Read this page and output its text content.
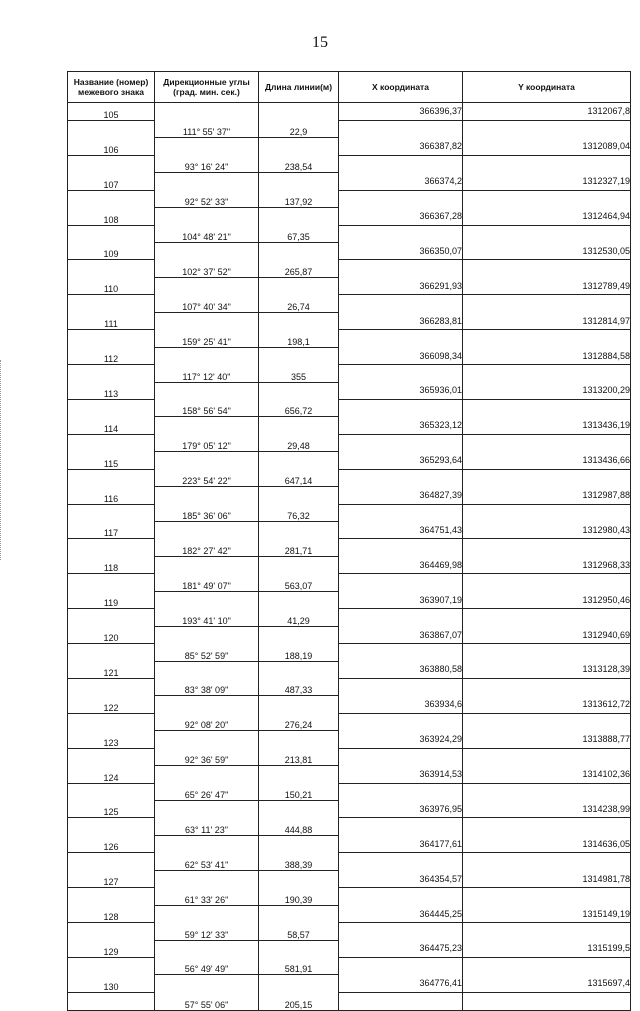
15
Название (номер) межевого знака	Дирекционные углы (град. мин. сек.)	Длина линии(м)	X координата	Y координата
105			366396,37	1312067,8
	111° 55' 37"	22,9		
106			366387,82	1312089,04
	93° 16' 24"	238,54		
107			366374,2	1312327,19
	92° 52' 33"	137,92		
108			366367,28	1312464,94
	104° 48' 21"	67,35		
109			366350,07	1312530,05
	102° 37' 52"	265,87		
110			366291,93	1312789,49
	107° 40' 34"	26,74		
111			366283,81	1312814,97
	159° 25' 41"	198,1		
112			366098,34	1312884,58
	117° 12' 40"	355		
113			365936,01	1313200,29
	158° 56' 54"	656,72		
114			365323,12	1313436,19
	179° 05' 12"	29,48		
115			365293,64	1313436,66
	223° 54' 22"	647,14		
116			364827,39	1312987,88
	185° 36' 06"	76,32		
117			364751,43	1312980,43
	182° 27' 42"	281,71		
118			364469,98	1312968,33
	181° 49' 07"	563,07		
119			363907,19	1312950,46
	193° 41' 10"	41,29		
120			363867,07	1312940,69
	85° 52' 59"	188,19		
121			363880,58	1313128,39
	83° 38' 09"	487,33		
122			363934,6	1313612,72
	92° 08' 20"	276,24		
123			363924,29	1313888,77
	92° 36' 59"	213,81		
124			363914,53	1314102,36
	65° 26' 47"	150,21		
125			363976,95	1314238,99
	63° 11' 23"	444,88		
126			364177,61	1314636,05
	62° 53' 41"	388,39		
127			364354,57	1314981,78
	61° 33' 26"	190,39		
128			364445,25	1315149,19
	59° 12' 33"	58,57		
129			364475,23	1315199,5
	56° 49' 49"	581,91		
130			364776,41	1315697,4
	57° 55' 06"	205,15		
